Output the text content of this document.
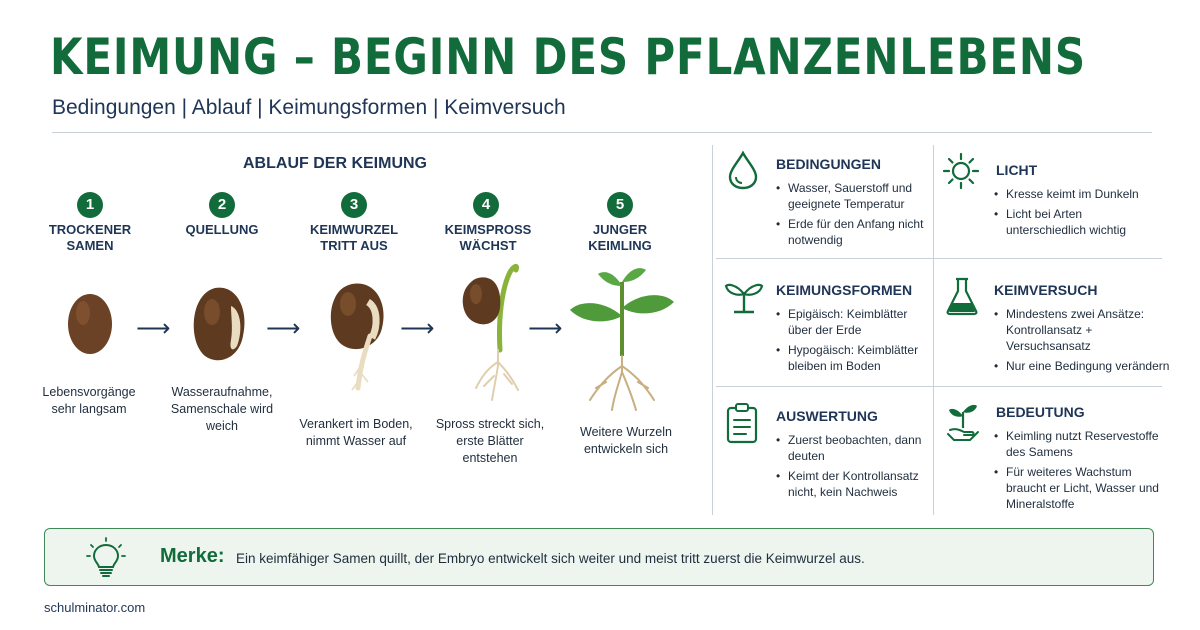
KEIMUNG – BEGINN DES PFLANZENLEBENS
Bedingungen | Ablauf | Keimungsformen | Keimversuch
ABLAUF DER KEIMUNG
1	2	3	4	5
TROCKENER SAMEN
QUELLUNG	KEIMWURZEL TRITT AUS
KEIMSPROSS WÄCHST
JUNGER KEIMLING
⟶	⟶	⟶	⟶
Lebensvorgänge sehr langsam
Wasseraufnahme, Samenschale wird weich	Verankert im Boden, nimmt Wasser auf
Spross streckt sich, erste Blätter entstehen
Weitere Wurzeln entwickeln sich
BEDINGUNGEN
• Wasser, Sauerstoff und geeignete Temperatur
• Erde für den Anfang nicht notwendig
LICHT
• Kresse keimt im Dunkeln
• Licht bei Arten unterschiedlich wichtig
KEIMUNGSFORMEN
• Epigäisch: Keimblätter über der Erde
• Hypogäisch: Keimblätter bleiben im Boden
KEIMVERSUCH
• Mindestens zwei Ansätze: Kontrollansatz + Versuchsansatz
• Nur eine Bedingung verändern
AUSWERTUNG
• Zuerst beobachten, dann deuten
• Keimt der Kontrollansatz nicht, kein Nachweis
BEDEUTUNG
• Keimling nutzt Reservestoffe des Samens
• Für weiteres Wachstum braucht er Licht, Wasser und Mineralstoffe
Merke: Ein keimfähiger Samen quillt, der Embryo entwickelt sich weiter und meist tritt zuerst die Keimwurzel aus.
schulminator.com
